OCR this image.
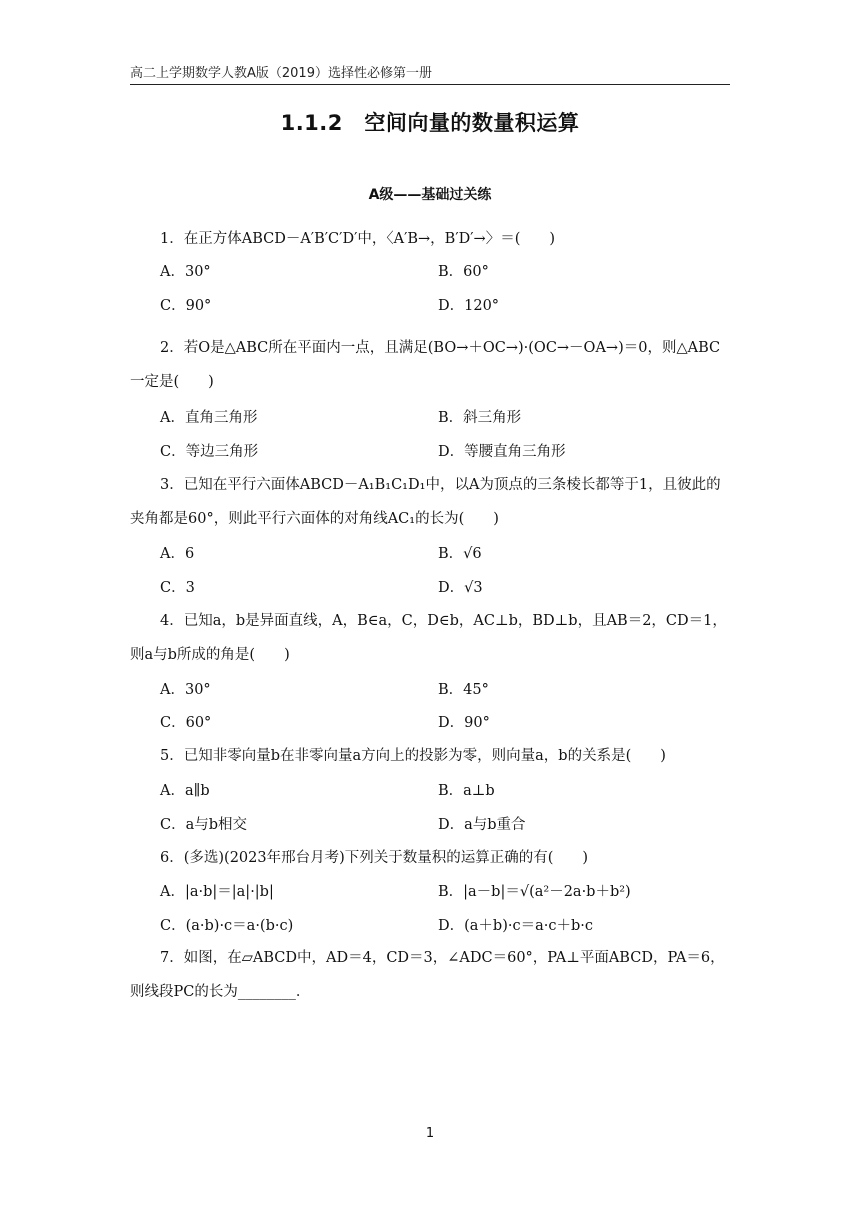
高二上学期数学人教A版（2019）选择性必修第一册
1.1.2　空间向量的数量积运算
A级——基础过关练
1．在正方体ABCD－A′B′C′D′中，〈A′B→，B′D′→〉＝(　　)
A．30°	B．60°
C．90°	D．120°
2．若O是△ABC所在平面内一点，且满足(BO→＋OC→)·(OC→－OA→)＝0，则△ABC一定是(　　)
A．直角三角形	B．斜三角形
C．等边三角形	D．等腰直角三角形
3．已知在平行六面体ABCD－A₁B₁C₁D₁中，以A为顶点的三条棱长都等于1，且彼此的夹角都是60°，则此平行六面体的对角线AC₁的长为(　　)
A．6	B．√6
C．3	D．√3
4．已知a，b是异面直线，A，B∈a，C，D∈b，AC⊥b，BD⊥b，且AB＝2，CD＝1，则a与b所成的角是(　　)
A．30°	B．45°
C．60°	D．90°
5．已知非零向量b在非零向量a方向上的投影为零，则向量a，b的关系是(　　)
A．a∥b	B．a⊥b
C．a与b相交	D．a与b重合
6．(多选)(2023年邢台月考)下列关于数量积的运算正确的有(　　)
A．|a·b|＝|a|·|b|	B．|a－b|＝√(a²－2a·b＋b²)
C．(a·b)·c＝a·(b·c)	D．(a＋b)·c＝a·c＋b·c
7．如图，在▱ABCD中，AD＝4，CD＝3，∠ADC＝60°，PA⊥平面ABCD，PA＝6，则线段PC的长为________．
1
